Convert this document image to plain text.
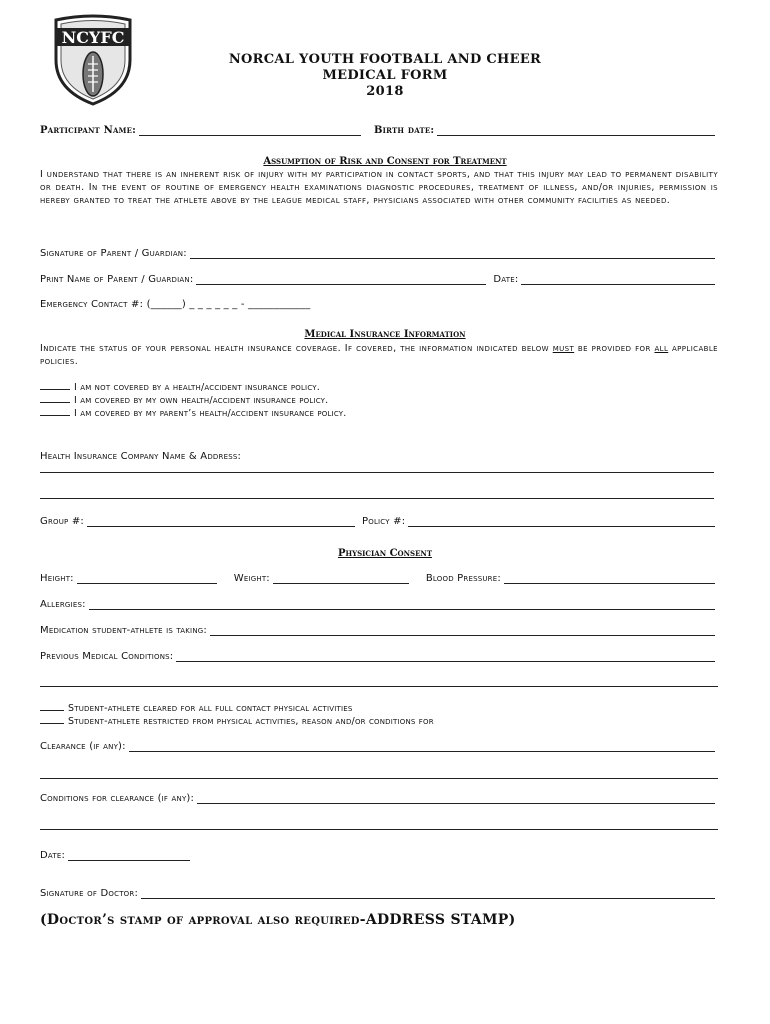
NCYFC
NORCAL YOUTH FOOTBALL AND CHEER
MEDICAL FORM
2018
Participant Name:	Birth date:
Assumption of Risk and Consent for Treatment
I understand that there is an inherent risk of injury with my participation in contact sports, and that this injury may lead to permanent disability or death. In the event of routine of emergency health examinations diagnostic procedures, treatment of illness, and/or injuries, permission is hereby granted to treat the athlete above by the league medical staff, physicians associated with other community facilities as needed.
Signature of Parent / Guardian:
Print Name of Parent / Guardian:	Date:
Emergency Contact #: (______) _ _ _ _ _ _ - ____________
Medical Insurance Information
Indicate the status of your personal health insurance coverage. If covered, the information indicated below must be provided for all applicable policies.
I am not covered by a health/accident insurance policy.
I am covered by my own health/accident insurance policy.
I am covered by my parent’s health/accident insurance policy.
Health Insurance Company Name & Address:
Group #:	Policy #:
Physician Consent
Height:	Weight:	Blood Pressure:
Allergies:
Medication student-athlete is taking:
Previous Medical Conditions:
Student-athlete cleared for all full contact physical activities
Student-athlete restricted from physical activities, reason and/or conditions for
Clearance (if any):
Conditions for clearance (if any):
Date:
Signature of Doctor:
(Doctor’s stamp of approval also required-ADDRESS STAMP)
